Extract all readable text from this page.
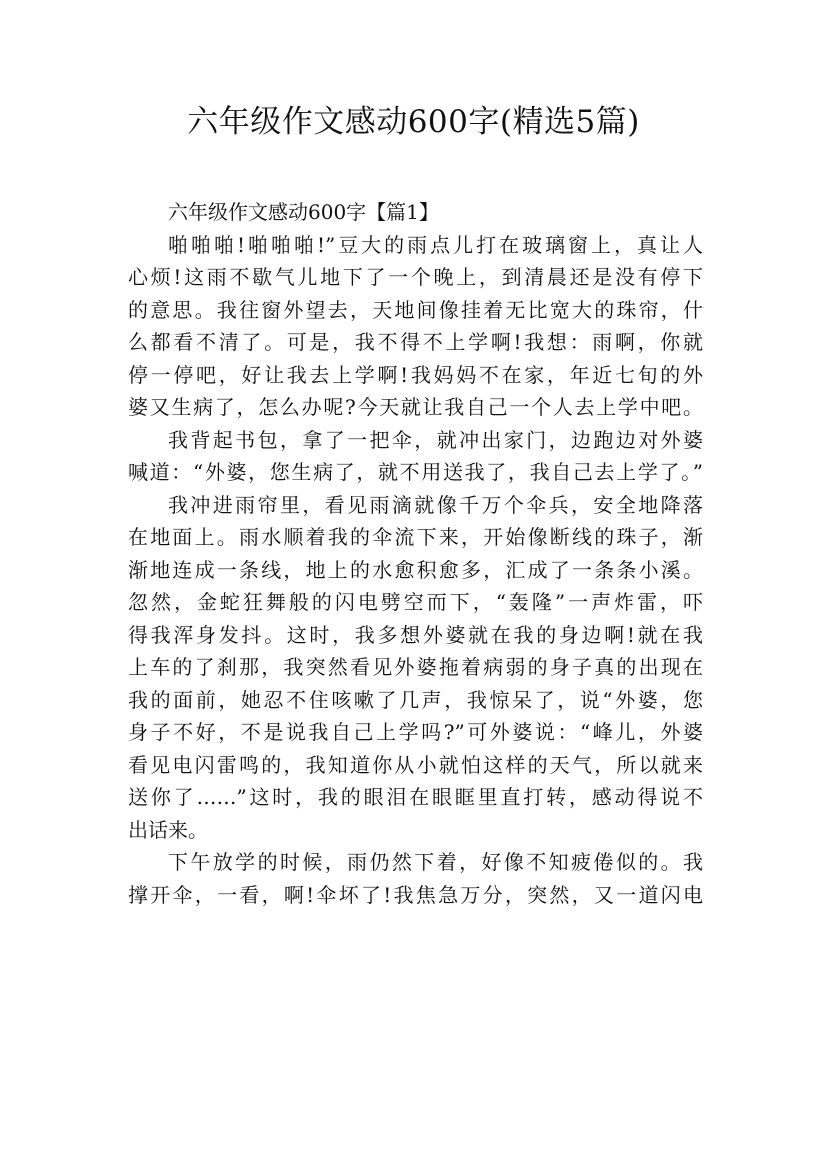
六年级作文感动600字(精选5篇)
六年级作文感动600字【篇1】
啪啪啪!啪啪啪!”豆大的雨点儿打在玻璃窗上，真让人
心烦!这雨不歇气儿地下了一个晚上，到清晨还是没有停下
的意思。我往窗外望去，天地间像挂着无比宽大的珠帘，什
么都看不清了。可是，我不得不上学啊!我想：雨啊，你就
停一停吧，好让我去上学啊!我妈妈不在家，年近七旬的外
婆又生病了，怎么办呢?今天就让我自己一个人去上学中吧。
我背起书包，拿了一把伞，就冲出家门，边跑边对外婆
喊道：“外婆，您生病了，就不用送我了，我自己去上学了。”
我冲进雨帘里，看见雨滴就像千万个伞兵，安全地降落
在地面上。雨水顺着我的伞流下来，开始像断线的珠子，渐
渐地连成一条线，地上的水愈积愈多，汇成了一条条小溪。
忽然，金蛇狂舞般的闪电劈空而下，“轰隆”一声炸雷，吓
得我浑身发抖。这时，我多想外婆就在我的身边啊!就在我
上车的了刹那，我突然看见外婆拖着病弱的身子真的出现在
我的面前，她忍不住咳嗽了几声，我惊呆了，说“外婆，您
身子不好，不是说我自己上学吗?”可外婆说：“峰儿，外婆
看见电闪雷鸣的，我知道你从小就怕这样的天气，所以就来
送你了……”这时，我的眼泪在眼眶里直打转，感动得说不
出话来。
下午放学的时候，雨仍然下着，好像不知疲倦似的。我
撑开伞，一看，啊!伞坏了!我焦急万分，突然，又一道闪电
